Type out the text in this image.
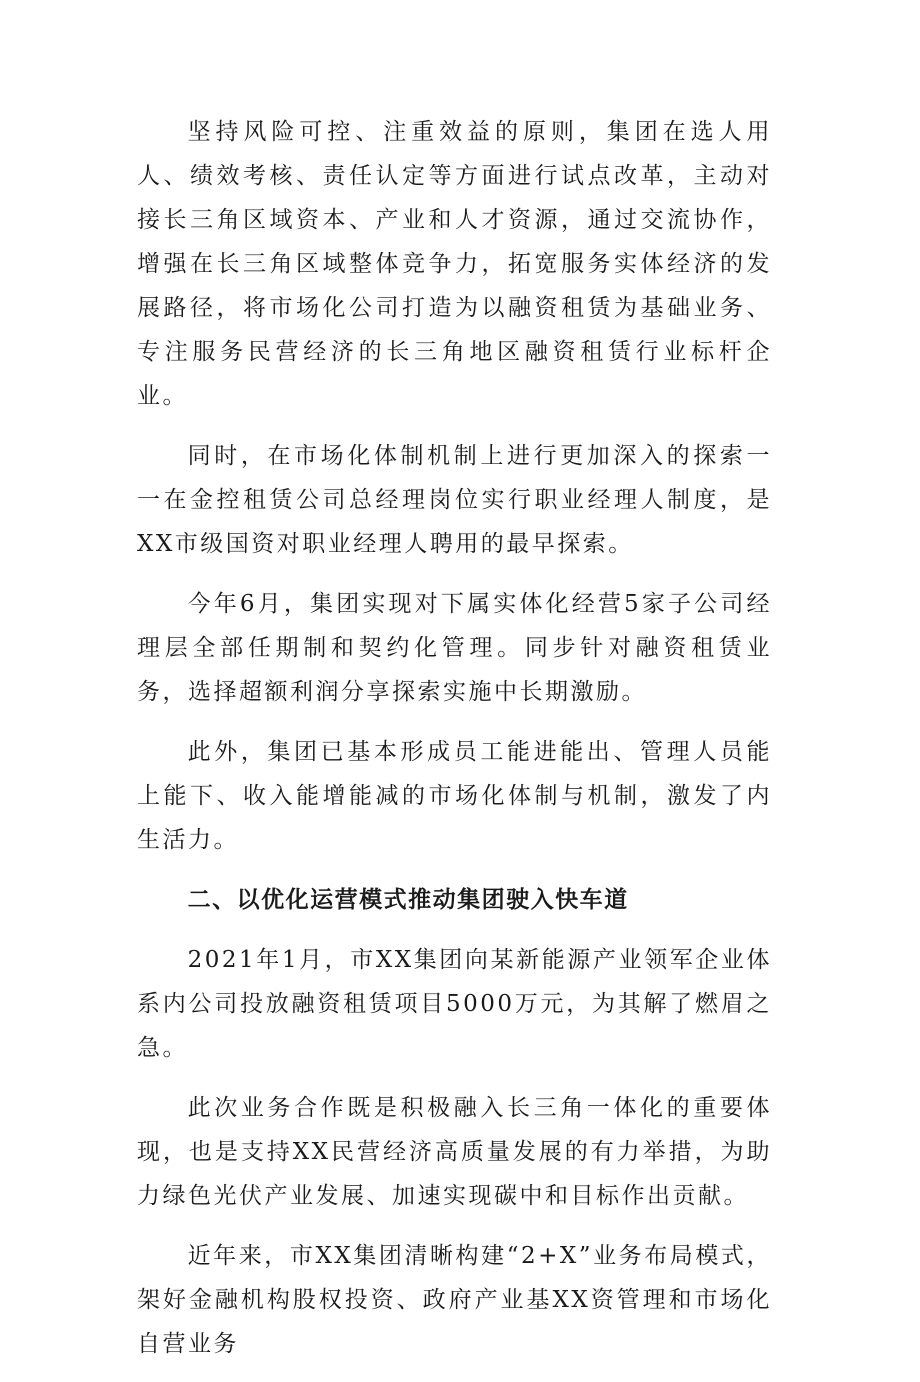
坚持风险可控、注重效益的原则，集团在选人用人、绩效考核、责任认定等方面进行试点改革，主动对接长三角区域资本、产业和人才资源，通过交流协作，增强在长三角区域整体竞争力，拓宽服务实体经济的发展路径，将市场化公司打造为以融资租赁为基础业务、专注服务民营经济的长三角地区融资租赁行业标杆企业。

同时，在市场化体制机制上进行更加深入的探索一一在金控租赁公司总经理岗位实行职业经理人制度，是XX市级国资对职业经理人聘用的最早探索。

今年6月，集团实现对下属实体化经营5家子公司经理层全部任期制和契约化管理。同步针对融资租赁业务，选择超额利润分享探索实施中长期激励。

此外，集团已基本形成员工能进能出、管理人员能上能下、收入能增能减的市场化体制与机制，激发了内生活力。

二、以优化运营模式推动集团驶入快车道

2021年1月，市XX集团向某新能源产业领军企业体系内公司投放融资租赁项目5000万元，为其解了燃眉之急。

此次业务合作既是积极融入长三角一体化的重要体现，也是支持XX民营经济高质量发展的有力举措，为助力绿色光伏产业发展、加速实现碳中和目标作出贡献。

近年来，市XX集团清晰构建“2+X”业务布局模式，架好金融机构股权投资、政府产业基XX资管理和市场化自营业务
